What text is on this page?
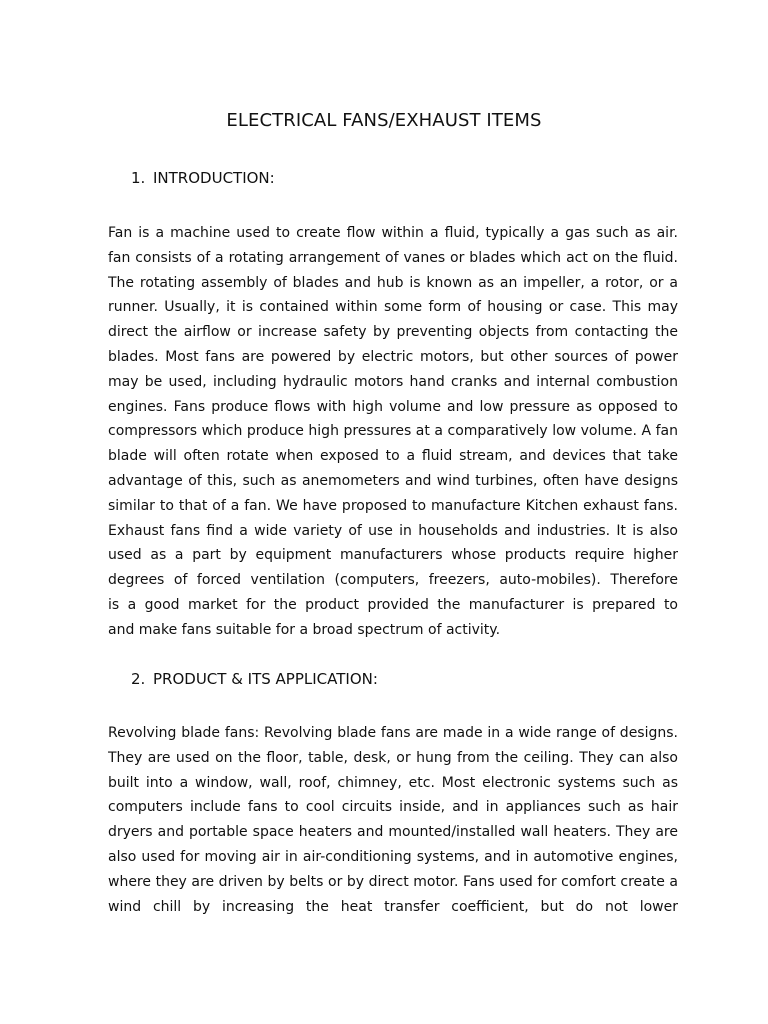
ELECTRICAL FANS/EXHAUST ITEMS
1. INTRODUCTION:
Fan is a machine used to create flow within a fluid, typically a gas such as air.
fan consists of a rotating arrangement of vanes or blades which act on the fluid.
The rotating assembly of blades and hub is known as an impeller, a rotor, or a
runner. Usually, it is contained within some form of housing or case. This may
direct the airflow or increase safety by preventing objects from contacting the
blades. Most fans are powered by electric motors, but other sources of power
may be used, including hydraulic motors hand cranks and internal combustion
engines. Fans produce flows with high volume and low pressure as opposed to
compressors which produce high pressures at a comparatively low volume. A fan
blade will often rotate when exposed to a fluid stream, and devices that take
advantage of this, such as anemometers and wind turbines, often have designs
similar to that of a fan. We have proposed to manufacture Kitchen exhaust fans.
Exhaust fans find a wide variety of use in households and industries. It is also
used as a part by equipment manufacturers whose products require higher
degrees of forced ventilation (computers, freezers, auto-mobiles). Therefore
is a good market for the product provided the manufacturer is prepared to
and make fans suitable for a broad spectrum of activity.
2. PRODUCT & ITS APPLICATION:
Revolving blade fans: Revolving blade fans are made in a wide range of designs.
They are used on the floor, table, desk, or hung from the ceiling. They can also
built into a window, wall, roof, chimney, etc. Most electronic systems such as
computers include fans to cool circuits inside, and in appliances such as hair
dryers and portable space heaters and mounted/installed wall heaters. They are
also used for moving air in air-conditioning systems, and in automotive engines,
where they are driven by belts or by direct motor. Fans used for comfort create a
wind chill by increasing the heat transfer coefficient, but do not lower
